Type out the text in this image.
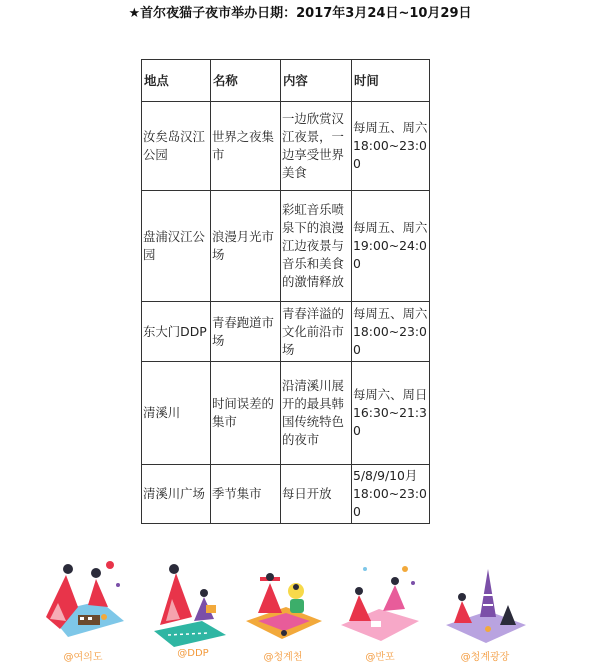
★首尔夜猫子夜市举办日期：2017年3月24日~10月29日
地点	名称	内容	时间
汝矣岛汉江公园	世界之夜集市	一边欣赏汉江夜景，一边享受世界美食	每周五、周六 18:00~23:00
盘浦汉江公园	浪漫月光市场	彩虹音乐喷泉下的浪漫江边夜景与音乐和美食的激情释放	每周五、周六 19:00~24:00
东大门DDP	青春跑道市场	青春洋溢的文化前沿市场	每周五、周六 18:00~23:00
清溪川	时间误差的集市	沿清溪川展开的最具韩国传统特色的夜市	每周六、周日 16:30~21:30
清溪川广场	季节集市	每日开放	5/8/9/10月 18:00~23:00
@여의도	@DDP	@청계천	@반포	@청계광장
